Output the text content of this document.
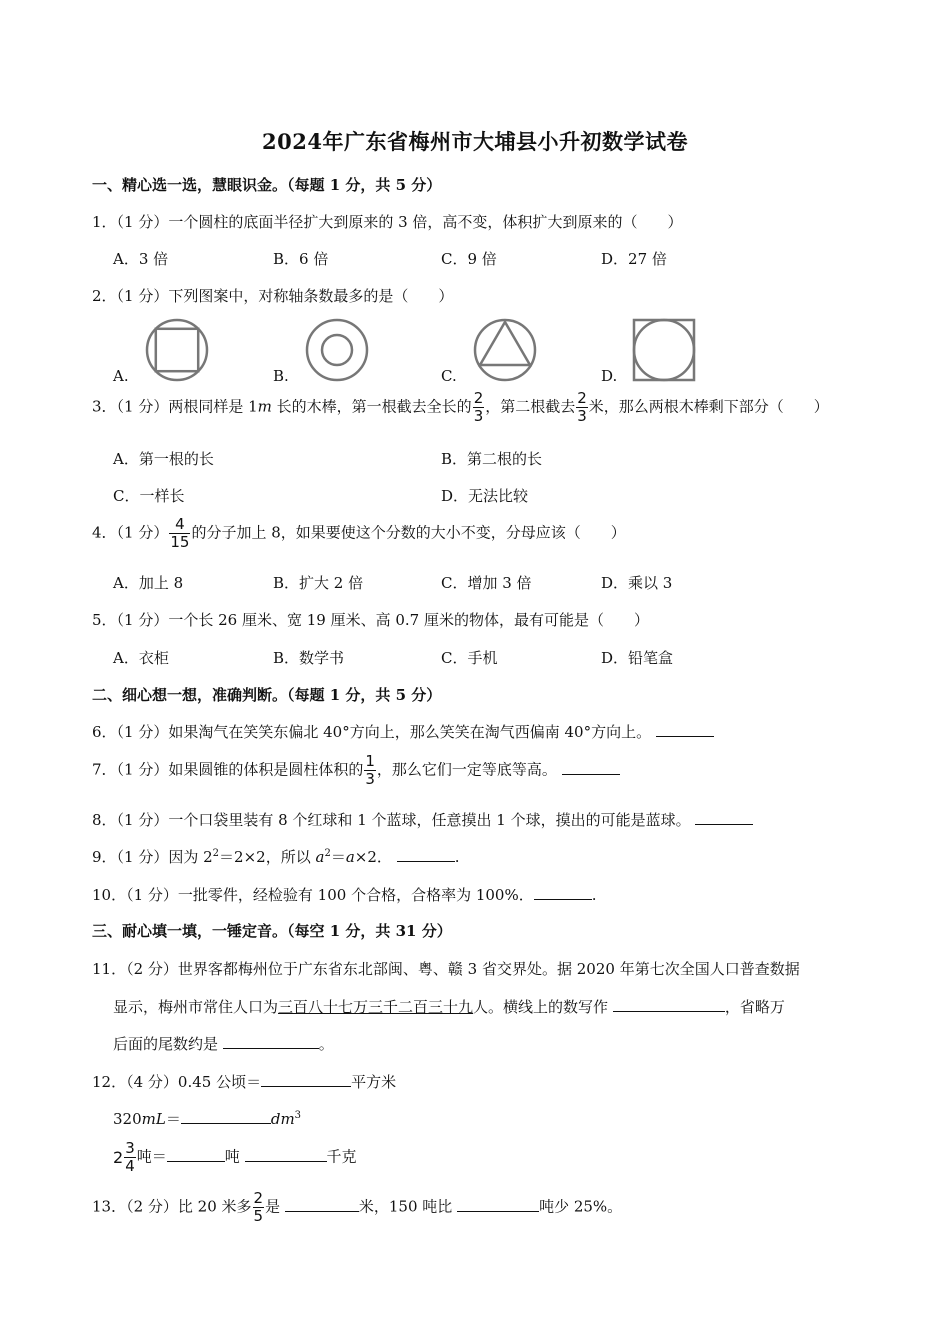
2024年广东省梅州市大埔县小升初数学试卷
一、精心选一选，慧眼识金。（每题 1 分，共 5 分）
1．（1 分）一个圆柱的底面半径扩大到原来的 3 倍，高不变，体积扩大到原来的（　　）
A．3 倍	B．6 倍	C．9 倍	D．27 倍
2．（1 分）下列图案中，对称轴条数最多的是（　　）
A.	B.	C.	D.
3．（1 分）两根同样是 1m 长的木棒，第一根截去全长的 $\frac{2}{3}$ ，第二根截去 $\frac{2}{3}$ 米，那么两根木棒剩下部分（　　）
A．第一根的长	B．第二根的长
C．一样长	D．无法比较
4．（1 分） $\frac{4}{15}$ 的分子加上 8，如果要使这个分数的大小不变，分母应该（　　）
A．加上 8	B．扩大 2 倍	C．增加 3 倍	D．乘以 3
5．（1 分）一个长 26 厘米、宽 19 厘米、高 0.7 厘米的物体，最有可能是（　　）
A．衣柜	B．数学书	C．手机	D．铅笔盒
二、细心想一想，准确判断。（每题 1 分，共 5 分）
6．（1 分）如果淘气在笑笑东偏北 40°方向上，那么笑笑在淘气西偏南 40°方向上。
7．（1 分）如果圆锥的体积是圆柱体积的 $\frac{1}{3}$ ，那么它们一定等底等高。
8．（1 分）一个口袋里装有 8 个红球和 1 个蓝球，任意摸出 1 个球，摸出的可能是蓝球。
9．（1 分）因为 $2^2=2\times 2$，所以 $a^2=a\times 2$．	.
10．（1 分）一批零件，经检验有 100 个合格，合格率为 100%．	.
三、耐心填一填，一锤定音。（每空 1 分，共 31 分）
11．（2 分）世界客都梅州位于广东省东北部闽、粤、赣 3 省交界处。据 2020 年第七次全国人口普查数据
显示，梅州市常住人口为三百八十七万三千二百三十九人。横线上的数写作	，省略万
后面的尾数约是	。
12．（4 分）0.45 公顷＝	平方米
320mL＝	$dm^3$
$2 \frac{3}{4}$ 吨＝	吨	千克
13．（2 分）比 20 米多 $\frac{2}{5}$ 是	米，150 吨比	吨少 25%。
